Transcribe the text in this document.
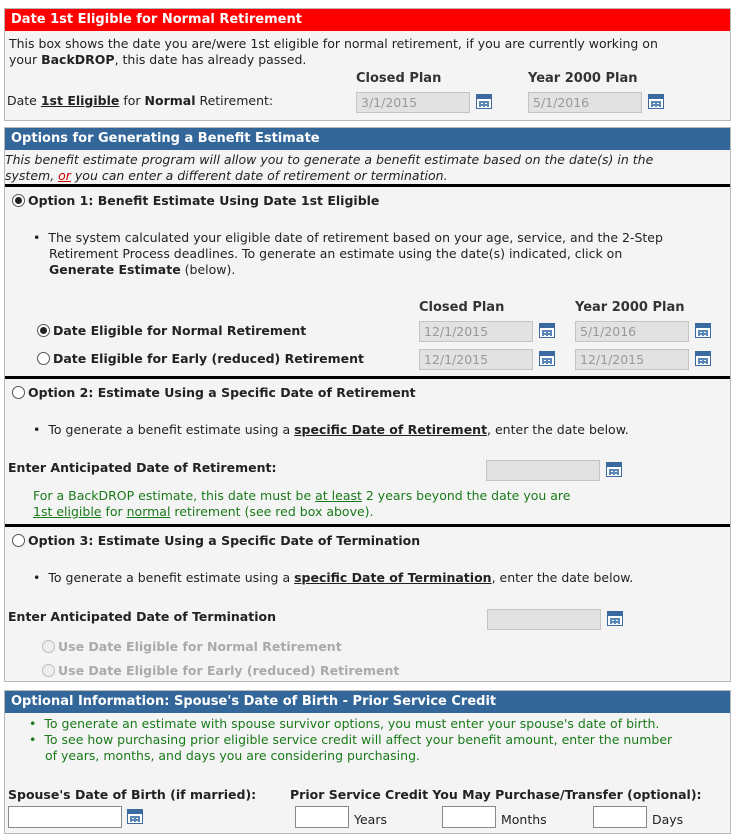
Date 1st Eligible for Normal Retirement
This box shows the date you are/were 1st eligible for normal retirement, if you are currently working on
your BackDROP, this date has already passed.
Closed Plan	Year 2000 Plan
Date 1st Eligible for Normal Retirement:	3/1/2015	5/1/2016
Options for Generating a Benefit Estimate
This benefit estimate program will allow you to generate a benefit estimate based on the date(s) in the
system, or you can enter a different date of retirement or termination.
Option 1: Benefit Estimate Using Date 1st Eligible
• The system calculated your eligible date of retirement based on your age, service, and the 2-Step
Retirement Process deadlines. To generate an estimate using the date(s) indicated, click on
Generate Estimate (below).
Closed Plan	Year 2000 Plan
Date Eligible for Normal Retirement	12/1/2015	5/1/2016
Date Eligible for Early (reduced) Retirement	12/1/2015	12/1/2015
Option 2: Estimate Using a Specific Date of Retirement
• To generate a benefit estimate using a specific Date of Retirement, enter the date below.
Enter Anticipated Date of Retirement:
For a BackDROP estimate, this date must be at least 2 years beyond the date you are
1st eligible for normal retirement (see red box above).
Option 3: Estimate Using a Specific Date of Termination
• To generate a benefit estimate using a specific Date of Termination, enter the date below.
Enter Anticipated Date of Termination
Use Date Eligible for Normal Retirement
Use Date Eligible for Early (reduced) Retirement
Optional Information: Spouse's Date of Birth - Prior Service Credit
• To generate an estimate with spouse survivor options, you must enter your spouse's date of birth.
• To see how purchasing prior eligible service credit will affect your benefit amount, enter the number
of years, months, and days you are considering purchasing.
Spouse's Date of Birth (if married):	Prior Service Credit You May Purchase/Transfer (optional):
Years	Months	Days
